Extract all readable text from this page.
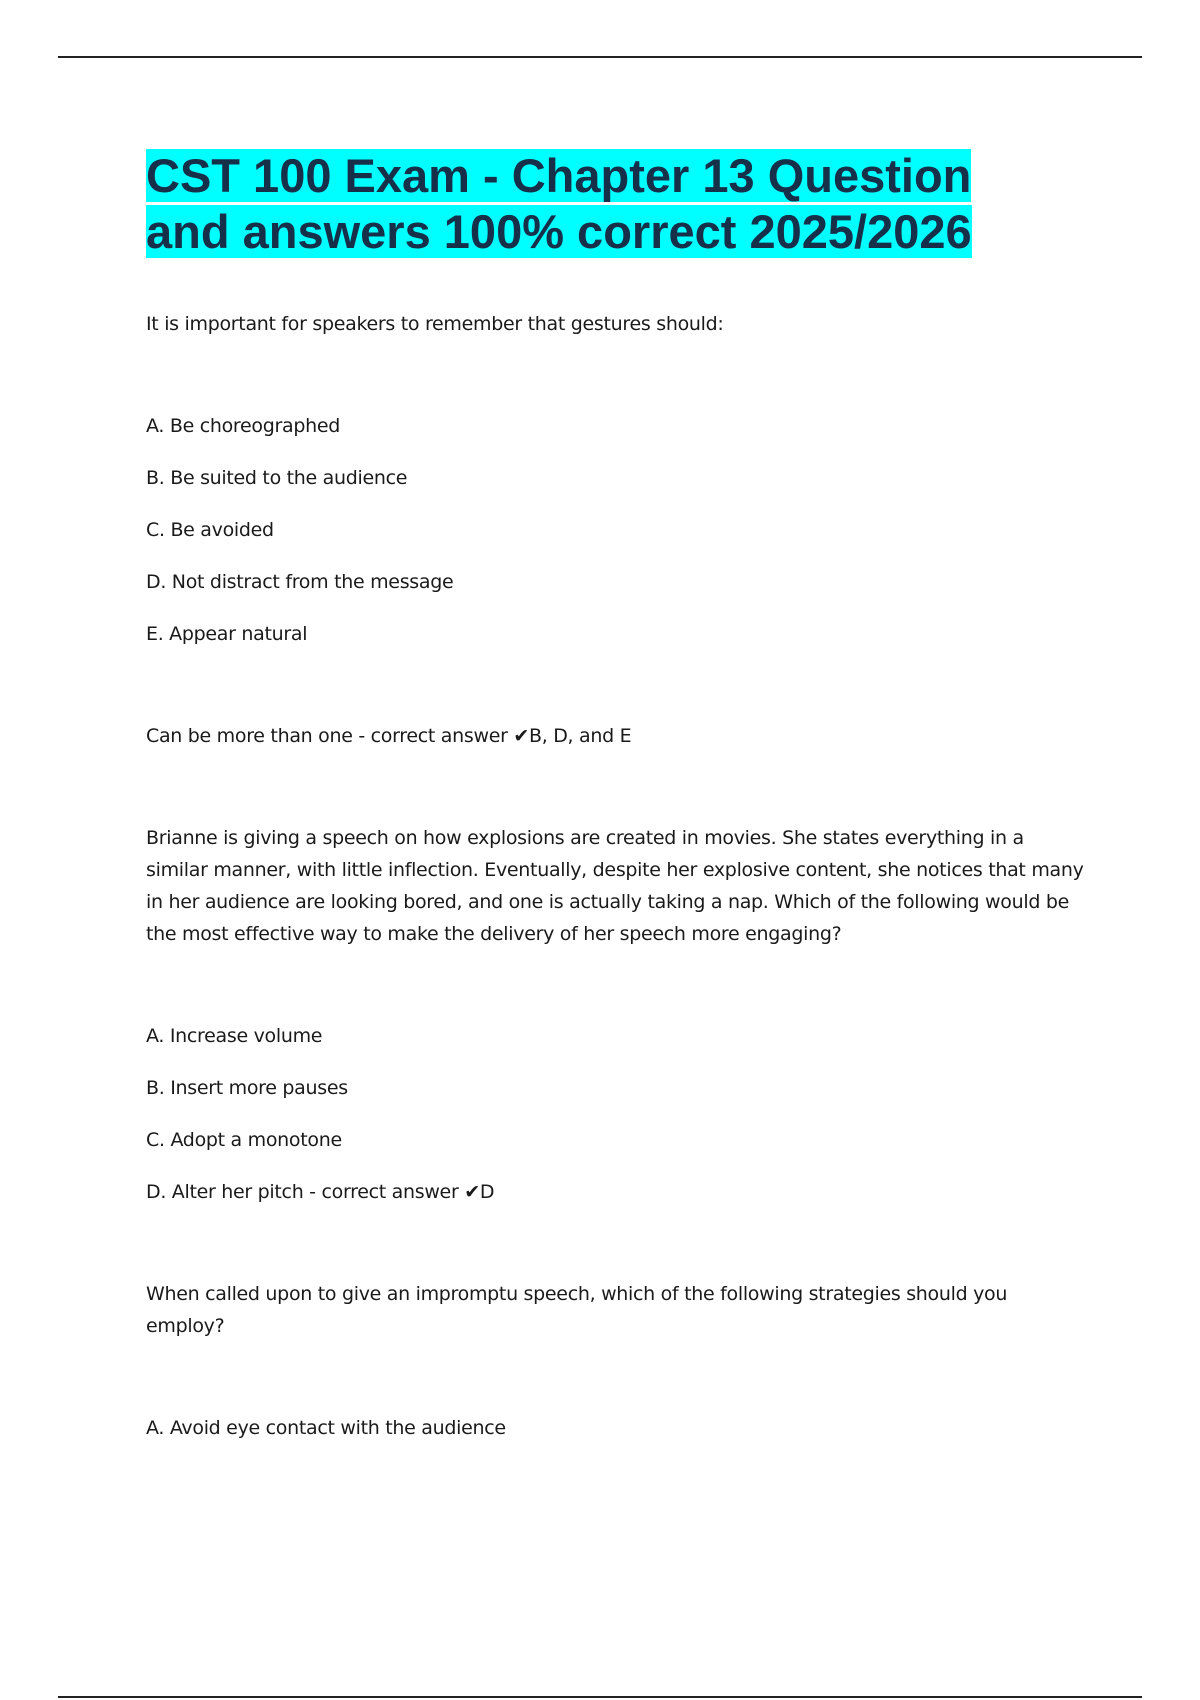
CST 100 Exam - Chapter 13 Question
and answers 100% correct 2025/2026

It is important for speakers to remember that gestures should:

A. Be choreographed

B. Be suited to the audience

C. Be avoided

D. Not distract from the message

E. Appear natural

Can be more than one - correct answer ✔B, D, and E

Brianne is giving a speech on how explosions are created in movies. She states everything in a similar manner, with little inflection. Eventually, despite her explosive content, she notices that many in her audience are looking bored, and one is actually taking a nap. Which of the following would be the most effective way to make the delivery of her speech more engaging?

A. Increase volume

B. Insert more pauses

C. Adopt a monotone

D. Alter her pitch - correct answer ✔D

When called upon to give an impromptu speech, which of the following strategies should you employ?

A. Avoid eye contact with the audience
